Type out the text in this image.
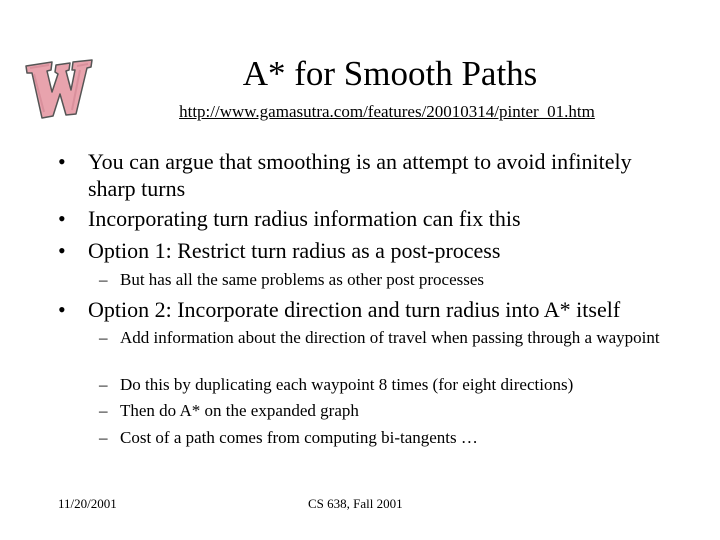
A* for Smooth Paths
http://www.gamasutra.com/features/20010314/pinter_01.htm
•	You can argue that smoothing is an attempt to avoid infinitely sharp turns
•	Incorporating turn radius information can fix this
•	Option 1: Restrict turn radius as a post-process
– But has all the same problems as other post processes
•	Option 2: Incorporate direction and turn radius into A* itself
– Add information about the direction of travel when passing through a waypoint
– Do this by duplicating each waypoint 8 times (for eight directions)
– Then do A* on the expanded graph
– Cost of a path comes from computing bi-tangents …
11/20/2001	CS 638, Fall 2001
